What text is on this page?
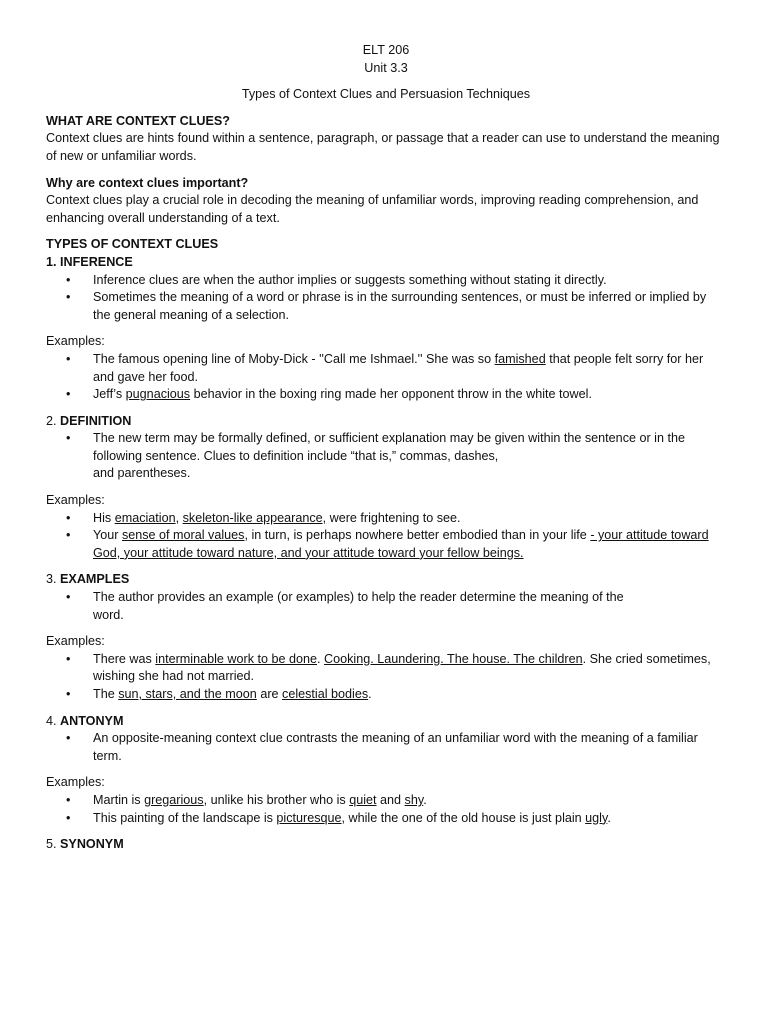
ELT 206
Unit 3.3
Types of Context Clues and Persuasion Techniques
WHAT ARE CONTEXT CLUES?

Context clues are hints found within a sentence, paragraph, or passage that a reader can use to understand the meaning of new or unfamiliar words.

Why are context clues important?

Context clues play a crucial role in decoding the meaning of unfamiliar words, improving reading comprehension, and enhancing overall understanding of a text.

TYPES OF CONTEXT CLUES
1. INFERENCE
• Inference clues are when the author implies or suggests something without stating it directly.
• Sometimes the meaning of a word or phrase is in the surrounding sentences, or must be inferred or implied by the general meaning of a selection.
Examples:
• The famous opening line of Moby-Dick - ''Call me Ishmael.'' She was so famished that people felt sorry for her and gave her food.
• Jeff’s pugnacious behavior in the boxing ring made her opponent throw in the white towel.
2. DEFINITION
• The new term may be formally defined, or sufficient explanation may be given within the sentence or in the following sentence. Clues to definition include “that is,” commas, dashes,
and parentheses.
Examples:
• His emaciation, skeleton-like appearance, were frightening to see.
• Your sense of moral values, in turn, is perhaps nowhere better embodied than in your life - your attitude toward God, your attitude toward nature, and your attitude toward your fellow beings.
3. EXAMPLES
• The author provides an example (or examples) to help the reader determine the meaning of the
word.
Examples:
• There was interminable work to be done. Cooking. Laundering. The house. The children. She cried sometimes, wishing she had not married.
• The sun, stars, and the moon are celestial bodies.
4. ANTONYM
• An opposite-meaning context clue contrasts the meaning of an unfamiliar word with the meaning of a familiar term.
Examples:
• Martin is gregarious, unlike his brother who is quiet and shy.
• This painting of the landscape is picturesque, while the one of the old house is just plain ugly.
5. SYNONYM
